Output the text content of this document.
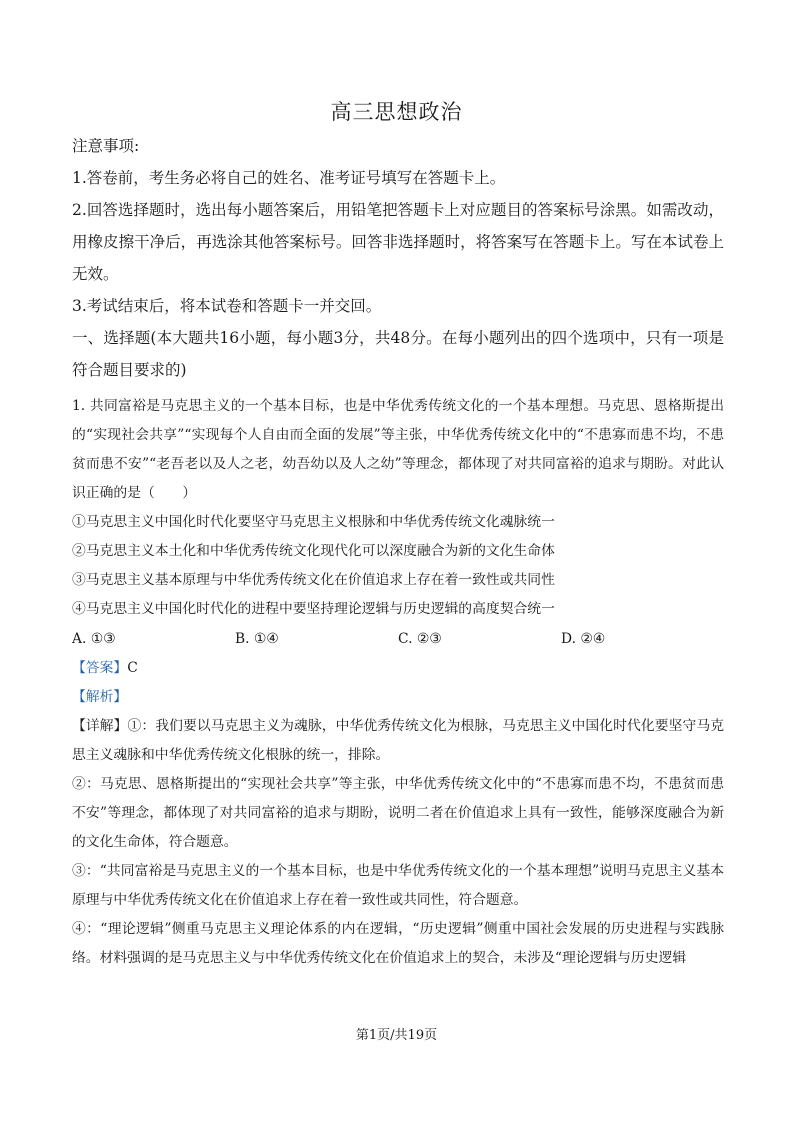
高三思想政治

注意事项:

1.答卷前，考生务必将自己的姓名、准考证号填写在答题卡上。

2.回答选择题时，选出每小题答案后，用铅笔把答题卡上对应题目的答案标号涂黑。如需改动，用橡皮擦干净后，再选涂其他答案标号。回答非选择题时，将答案写在答题卡上。写在本试卷上无效。

3.考试结束后，将本试卷和答题卡一并交回。

一、选择题(本大题共16小题，每小题3分，共48分。在每小题列出的四个选项中，只有一项是符合题目要求的)

1. 共同富裕是马克思主义的一个基本目标，也是中华优秀传统文化的一个基本理想。马克思、恩格斯提出的“实现社会共享”“实现每个人自由而全面的发展”等主张，中华优秀传统文化中的“不患寡而患不均，不患贫而患不安”“老吾老以及人之老，幼吾幼以及人之幼”等理念，都体现了对共同富裕的追求与期盼。对此认识正确的是（　　）

①马克思主义中国化时代化要坚守马克思主义根脉和中华优秀传统文化魂脉统一

②马克思主义本土化和中华优秀传统文化现代化可以深度融合为新的文化生命体

③马克思主义基本原理与中华优秀传统文化在价值追求上存在着一致性或共同性

④马克思主义中国化时代化的进程中要坚持理论逻辑与历史逻辑的高度契合统一

A. ①③	B. ①④	C. ②③	D. ②④

【答案】C

【解析】

【详解】①：我们要以马克思主义为魂脉，中华优秀传统文化为根脉，马克思主义中国化时代化要坚守马克思主义魂脉和中华优秀传统文化根脉的统一，排除。

②：马克思、恩格斯提出的“实现社会共享”等主张，中华优秀传统文化中的“不患寡而患不均，不患贫而患不安”等理念，都体现了对共同富裕的追求与期盼，说明二者在价值追求上具有一致性，能够深度融合为新的文化生命体，符合题意。

③：“共同富裕是马克思主义的一个基本目标，也是中华优秀传统文化的一个基本理想”说明马克思主义基本原理与中华优秀传统文化在价值追求上存在着一致性或共同性，符合题意。

④：“理论逻辑”侧重马克思主义理论体系的内在逻辑，“历史逻辑”侧重中国社会发展的历史进程与实践脉络。材料强调的是马克思主义与中华优秀传统文化在价值追求上的契合，未涉及“理论逻辑与历史逻辑

第1页/共19页
